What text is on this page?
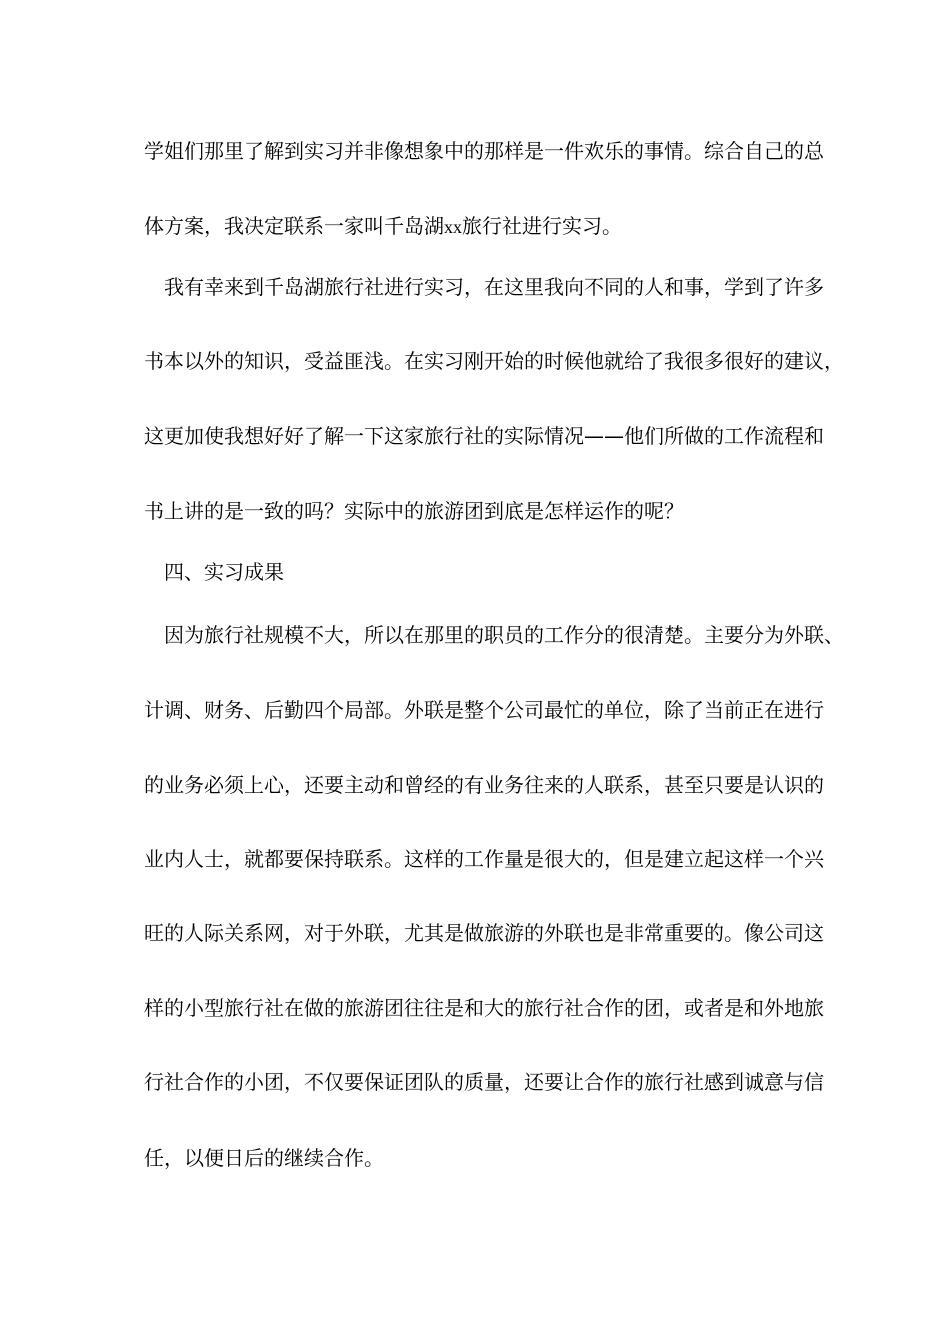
学姐们那里了解到实习并非像想象中的那样是一件欢乐的事情。综合自己的总
体方案，我决定联系一家叫千岛湖xx旅行社进行实习。
我有幸来到千岛湖旅行社进行实习，在这里我向不同的人和事，学到了许多
书本以外的知识，受益匪浅。在实习刚开始的时候他就给了我很多很好的建议，
这更加使我想好好了解一下这家旅行社的实际情况——他们所做的工作流程和
书上讲的是一致的吗？实际中的旅游团到底是怎样运作的呢？
四、实习成果
因为旅行社规模不大，所以在那里的职员的工作分的很清楚。主要分为外联、
计调、财务、后勤四个局部。外联是整个公司最忙的单位，除了当前正在进行
的业务必须上心，还要主动和曾经的有业务往来的人联系，甚至只要是认识的
业内人士，就都要保持联系。这样的工作量是很大的，但是建立起这样一个兴
旺的人际关系网，对于外联，尤其是做旅游的外联也是非常重要的。像公司这
样的小型旅行社在做的旅游团往往是和大的旅行社合作的团，或者是和外地旅
行社合作的小团，不仅要保证团队的质量，还要让合作的旅行社感到诚意与信
任，以便日后的继续合作。
